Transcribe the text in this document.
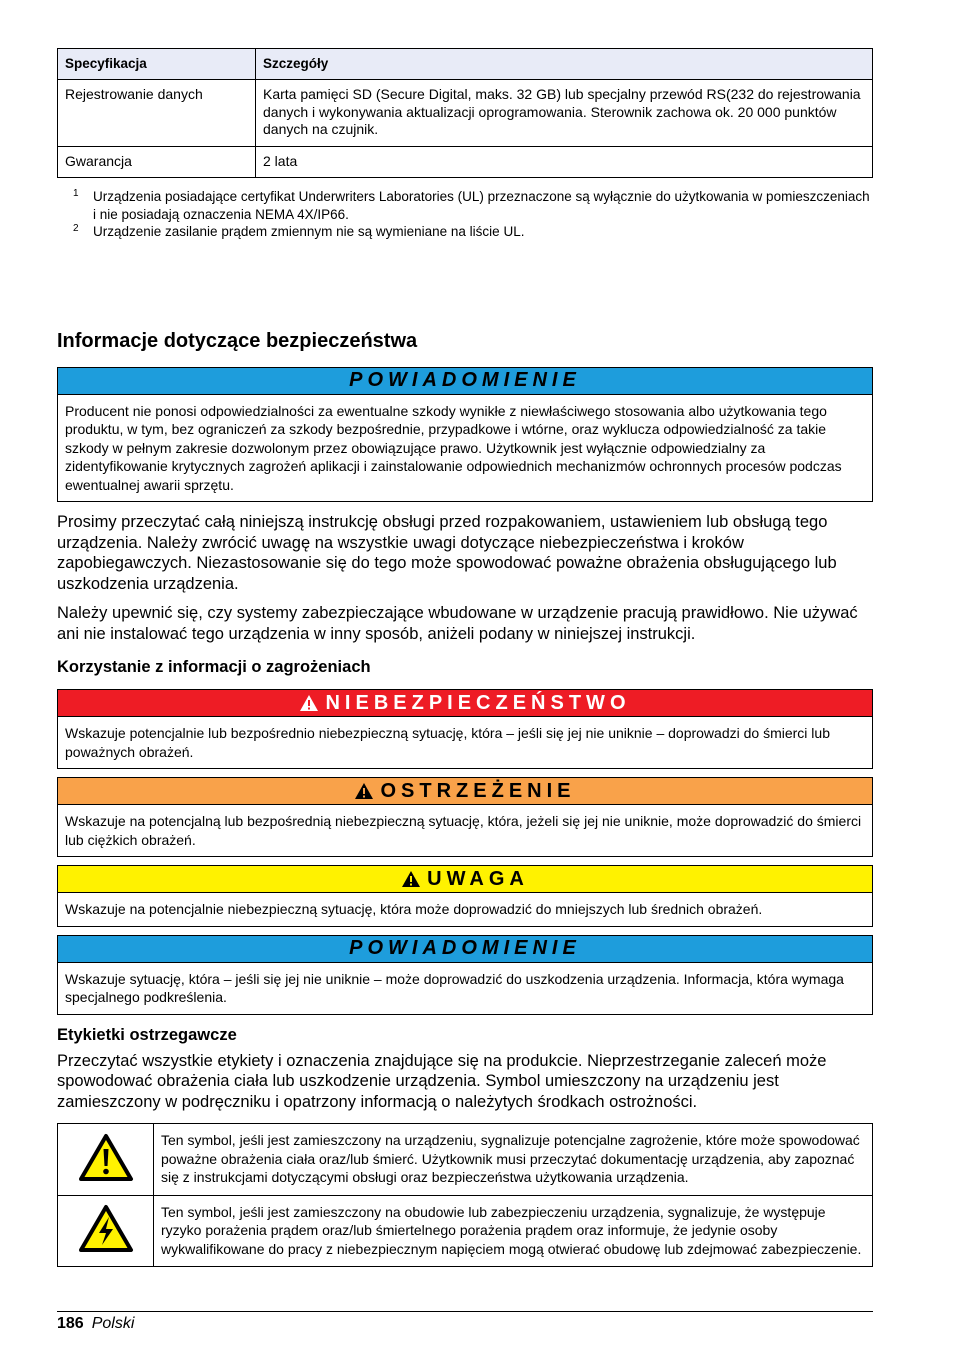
Specyfikacja	Szczegóły
Rejestrowanie danych	Karta pamięci SD (Secure Digital, maks. 32 GB) lub specjalny przewód RS(232 do rejestrowania danych i wykonywania aktualizacji oprogramowania. Sterownik zachowa ok. 20 000 punktów danych na czujnik.
Gwarancja	2 lata
1	Urządzenia posiadające certyfikat Underwriters Laboratories (UL) przeznaczone są wyłącznie do użytkowania w pomieszczeniach i nie posiadają oznaczenia NEMA 4X/IP66.
2	Urządzenie zasilanie prądem zmiennym nie są wymieniane na liście UL.
Informacje dotyczące bezpieczeństwa
POWIADOMIENIE
Producent nie ponosi odpowiedzialności za ewentualne szkody wynikłe z niewłaściwego stosowania albo użytkowania tego produktu, w tym, bez ograniczeń za szkody bezpośrednie, przypadkowe i wtórne, oraz wyklucza odpowiedzialność za takie szkody w pełnym zakresie dozwolonym przez obowiązujące prawo. Użytkownik jest wyłącznie odpowiedzialny za zidentyfikowanie krytycznych zagrożeń aplikacji i zainstalowanie odpowiednich mechanizmów ochronnych procesów podczas ewentualnej awarii sprzętu.

Prosimy przeczytać całą niniejszą instrukcję obsługi przed rozpakowaniem, ustawieniem lub obsługą tego urządzenia. Należy zwrócić uwagę na wszystkie uwagi dotyczące niebezpieczeństwa i kroków zapobiegawczych. Niezastosowanie się do tego może spowodować poważne obrażenia obsługującego lub uszkodzenia urządzenia.

Należy upewnić się, czy systemy zabezpieczające wbudowane w urządzenie pracują prawidłowo. Nie używać ani nie instalować tego urządzenia w inny sposób, aniżeli podany w niniejszej instrukcji.

Korzystanie z informacji o zagrożeniach
NIEBEZPIECZEŃSTWO
Wskazuje potencjalnie lub bezpośrednio niebezpieczną sytuację, która – jeśli się jej nie uniknie – doprowadzi do śmierci lub poważnych obrażeń.
OSTRZEŻENIE
Wskazuje na potencjalną lub bezpośrednią niebezpieczną sytuację, która, jeżeli się jej nie uniknie, może doprowadzić do śmierci lub ciężkich obrażeń.
UWAGA
Wskazuje na potencjalnie niebezpieczną sytuację, która może doprowadzić do mniejszych lub średnich obrażeń.
POWIADOMIENIE
Wskazuje sytuację, która – jeśli się jej nie uniknie – może doprowadzić do uszkodzenia urządzenia. Informacja, która wymaga specjalnego podkreślenia.
Etykietki ostrzegawcze

Przeczytać wszystkie etykiety i oznaczenia znajdujące się na produkcie. Nieprzestrzeganie zaleceń może spowodować obrażenia ciała lub uszkodzenie urządzenia. Symbol umieszczony na urządzeniu jest zamieszczony w podręczniku i opatrzony informacją o należytych środkach ostrożności.

	Ten symbol, jeśli jest zamieszczony na urządzeniu, sygnalizuje potencjalne zagrożenie, które może spowodować poważne obrażenia ciała oraz/lub śmierć. Użytkownik musi przeczytać dokumentację urządzenia, aby zapoznać się z instrukcjami dotyczącymi obsługi oraz bezpieczeństwa użytkowania urządzenia.
	Ten symbol, jeśli jest zamieszczony na obudowie lub zabezpieczeniu urządzenia, sygnalizuje, że występuje ryzyko porażenia prądem oraz/lub śmiertelnego porażenia prądem oraz informuje, że jedynie osoby wykwalifikowane do pracy z niebezpiecznym napięciem mogą otwierać obudowę lub zdejmować zabezpieczenie.
186 Polski
